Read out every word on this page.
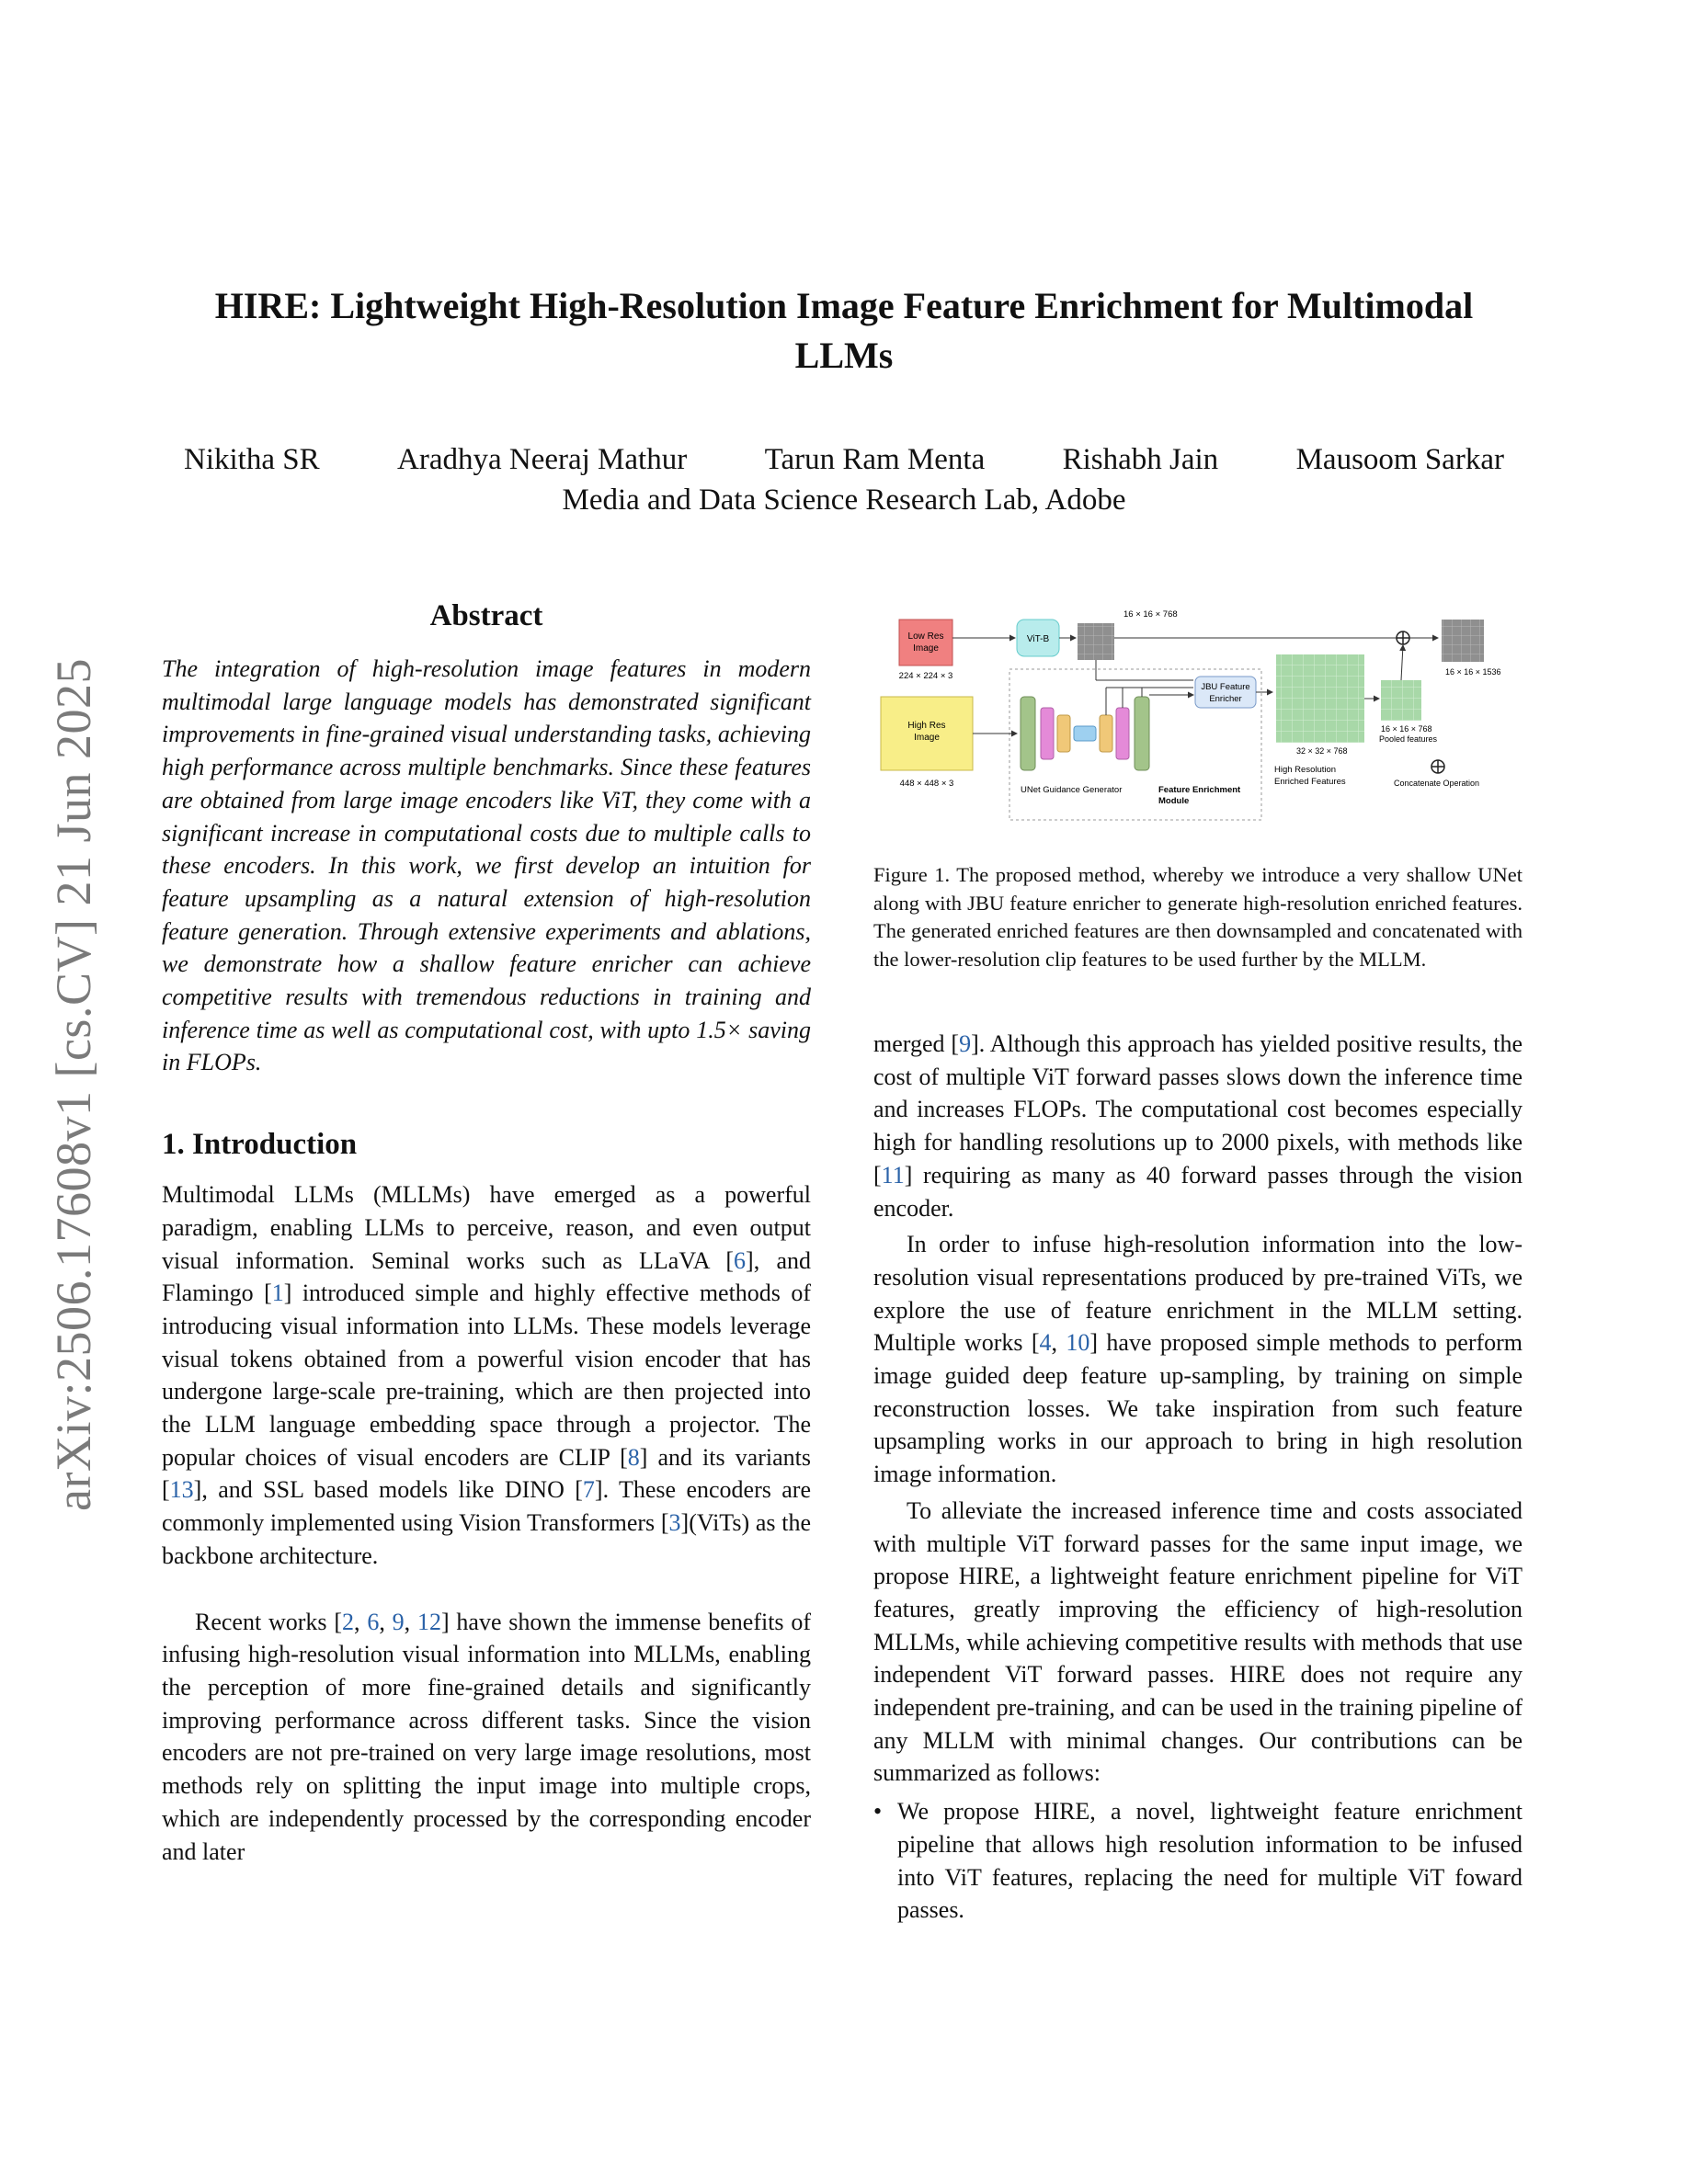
arXiv:2506.17608v1 [cs.CV] 21 Jun 2025
HIRE: Lightweight High-Resolution Image Feature Enrichment for Multimodal
LLMs
Nikitha SR	Aradhya Neeraj Mathur	Tarun Ram Menta	Rishabh Jain	Mausoom Sarkar
Media and Data Science Research Lab, Adobe
Abstract

The integration of high-resolution image features in modern multimodal large language models has demonstrated significant improvements in fine-grained visual understanding tasks, achieving high performance across multiple benchmarks. Since these features are obtained from large image encoders like ViT, they come with a significant increase in computational costs due to multiple calls to these encoders. In this work, we first develop an intuition for feature upsampling as a natural extension of high-resolution feature generation. Through extensive experiments and ablations, we demonstrate how a shallow feature enricher can achieve competitive results with tremendous reductions in training and inference time as well as computational cost, with upto 1.5× saving in FLOPs.

1. Introduction

Multimodal LLMs (MLLMs) have emerged as a powerful paradigm, enabling LLMs to perceive, reason, and even output visual information. Seminal works such as LLaVA [6], and Flamingo [1] introduced simple and highly effective methods of introducing visual information into LLMs. These models leverage visual tokens obtained from a powerful vision encoder that has undergone large-scale pre-training, which are then projected into the LLM language embedding space through a projector. The popular choices of visual encoders are CLIP [8] and its variants [13], and SSL based models like DINO [7]. These encoders are commonly implemented using Vision Transformers [3](ViTs) as the backbone architecture.

Recent works [2, 6, 9, 12] have shown the immense benefits of infusing high-resolution visual information into MLLMs, enabling the perception of more fine-grained details and significantly improving performance across different tasks. Since the vision encoders are not pre-trained on very large image resolutions, most methods rely on splitting the input image into multiple crops, which are independently processed by the corresponding encoder and later

Low Res
Image
224 × 224 × 3
ViT-B
16 × 16 × 768
16 × 16 × 1536
High Res
Image
448 × 448 × 3
UNet Guidance Generator
JBU Feature
Enricher
Feature Enrichment
Module
32 × 32 × 768
High Resolution
Enriched Features
16 × 16 × 768
Pooled features
Concatenate Operation
Figure 1. The proposed method, whereby we introduce a very shallow UNet along with JBU feature enricher to generate high-resolution enriched features. The generated enriched features are then downsampled and concatenated with the lower-resolution clip features to be used further by the MLLM.

merged [9]. Although this approach has yielded positive results, the cost of multiple ViT forward passes slows down the inference time and increases FLOPs. The computational cost becomes especially high for handling resolutions up to 2000 pixels, with methods like [11] requiring as many as 40 forward passes through the vision encoder.

In order to infuse high-resolution information into the low-resolution visual representations produced by pre-trained ViTs, we explore the use of feature enrichment in the MLLM setting. Multiple works [4, 10] have proposed simple methods to perform image guided deep feature up-sampling, by training on simple reconstruction losses. We take inspiration from such feature upsampling works in our approach to bring in high resolution image information.

To alleviate the increased inference time and costs associated with multiple ViT forward passes for the same input image, we propose HIRE, a lightweight feature enrichment pipeline for ViT features, greatly improving the efficiency of high-resolution MLLMs, while achieving competitive results with methods that use independent ViT forward passes. HIRE does not require any independent pre-training, and can be used in the training pipeline of any MLLM with minimal changes. Our contributions can be summarized as follows:

• We propose HIRE, a novel, lightweight feature enrichment pipeline that allows high resolution information to be infused into ViT features, replacing the need for multiple ViT foward passes.
